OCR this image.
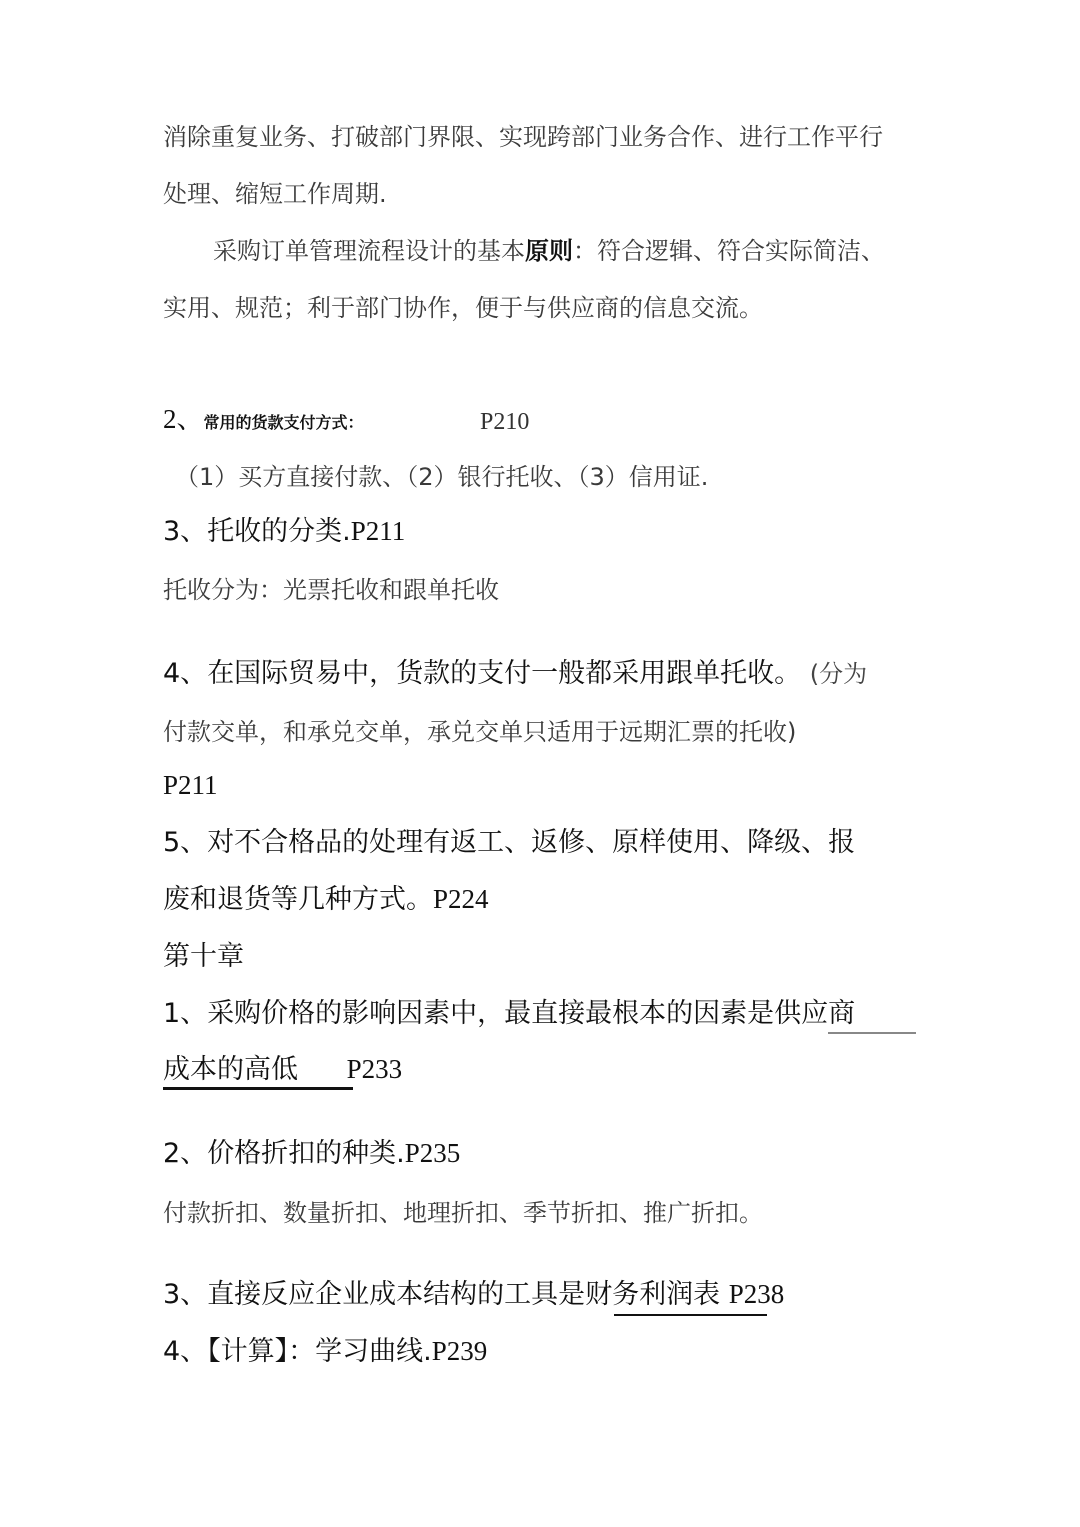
消除重复业务、打破部门界限、实现跨部门业务合作、进行工作平行
处理、缩短工作周期.
采购订单管理流程设计的基本原则：符合逻辑、符合实际简洁、
实用、规范；利于部门协作，便于与供应商的信息交流。
2、常用的货款支付方式：	P210
（1）买方直接付款、（2）银行托收、（3）信用证.
3、托收的分类.P211
托收分为：光票托收和跟单托收
4、在国际贸易中，货款的支付一般都采用跟单托收。 (分为
付款交单，和承兑交单，承兑交单只适用于远期汇票的托收)
P211
5、对不合格品的处理有返工、返修、原样使用、降级、报
废和退货等几种方式。P224
第十章
1、采购价格的影响因素中，最直接最根本的因素是供应商
成本的高低 P233
2、价格折扣的种类.P235
付款折扣、数量折扣、地理折扣、季节折扣、推广折扣。
3、直接反应企业成本结构的工具是财务利润表 P238
4、【计算】：学习曲线.P239
